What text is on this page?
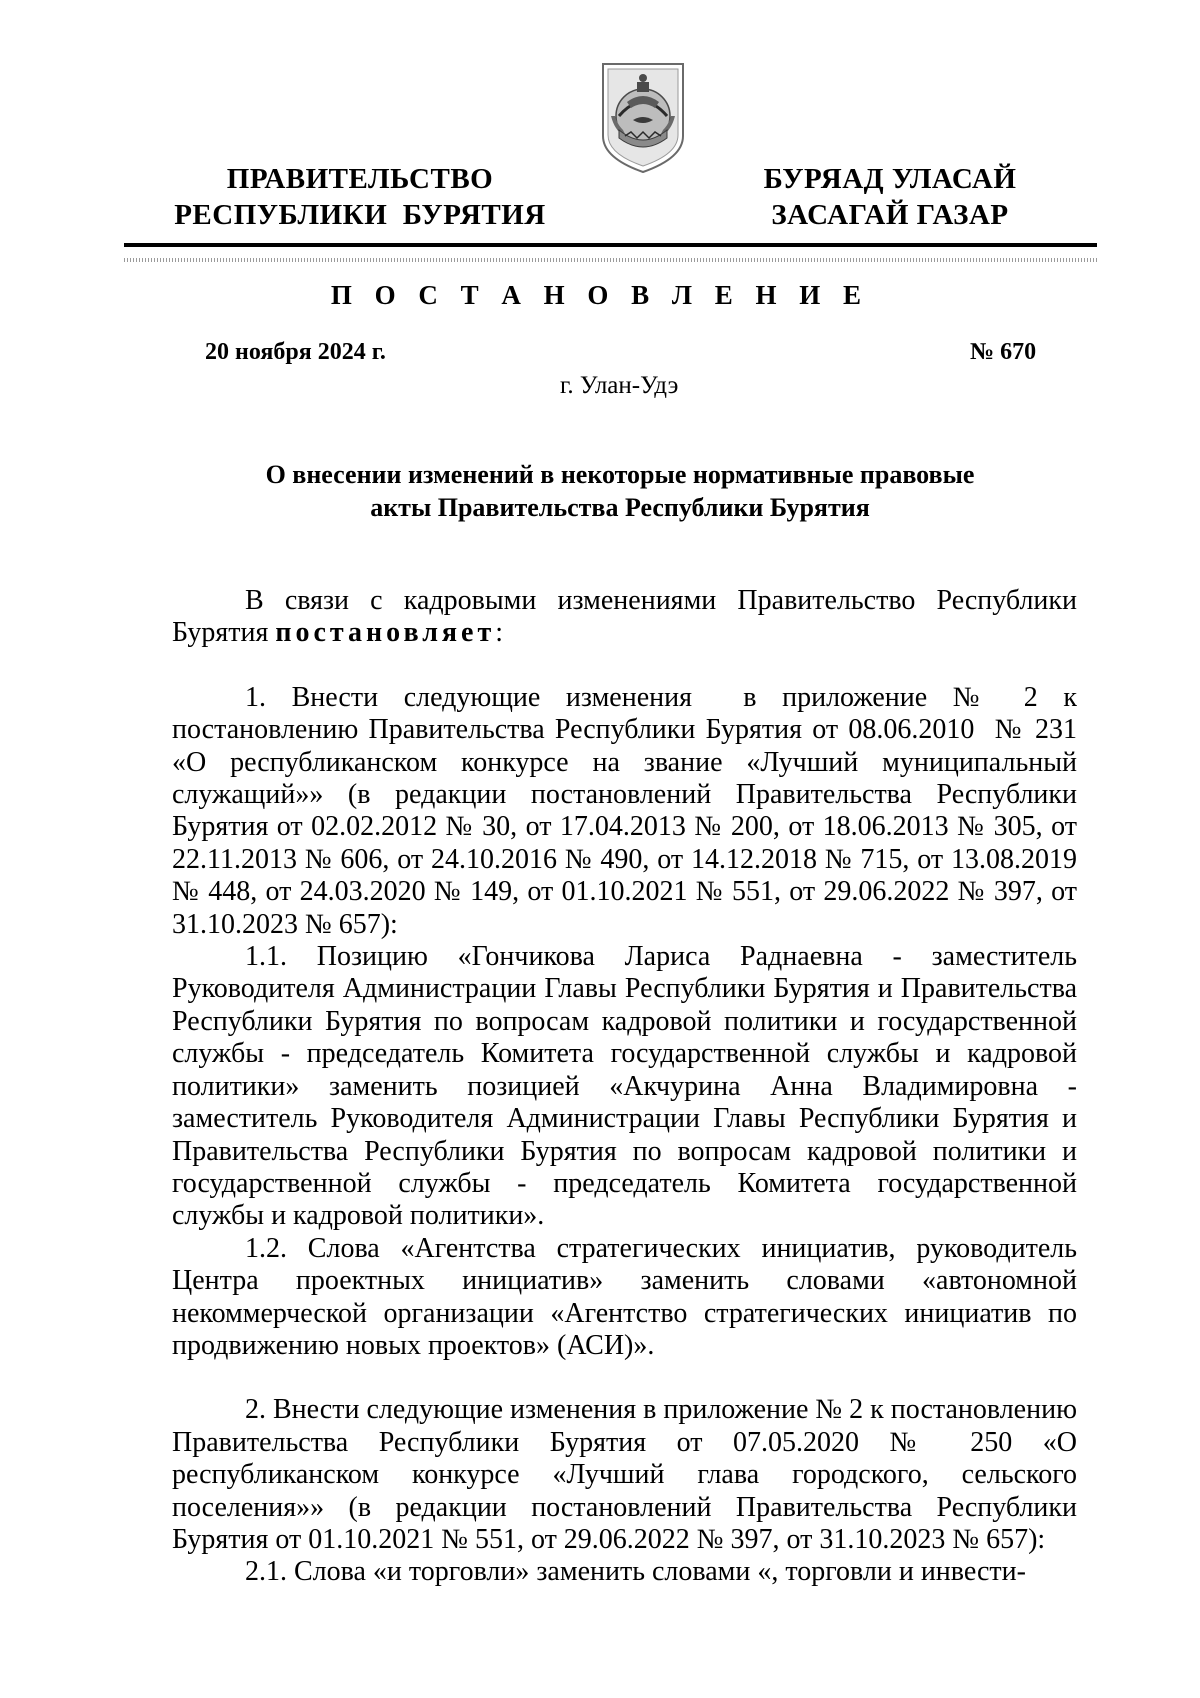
ПРАВИТЕЛЬСТВО
РЕСПУБЛИКИ  БУРЯТИЯ
БУРЯАД УЛАСАЙ
ЗАСАГАЙ ГАЗАР
П О С Т А Н О В Л Е Н И Е
20 ноября 2024 г.	№ 670
г. Улан-Удэ
О внесении изменений в некоторые нормативные правовые
акты Правительства Республики Бурятия

В связи с кадровыми изменениями Правительство Республики Бурятия постановляет:

1. Внести следующие изменения  в приложение № 2 к постановлению Правительства Республики Бурятия от 08.06.2010  № 231 «О республиканском конкурсе на звание «Лучший муниципальный служащий»» (в редакции постановлений Правительства Республики Бурятия от 02.02.2012 № 30, от 17.04.2013 № 200, от 18.06.2013 № 305, от 22.11.2013 № 606, от 24.10.2016 № 490, от 14.12.2018 № 715, от 13.08.2019 № 448, от 24.03.2020 № 149, от 01.10.2021 № 551, от 29.06.2022 № 397, от 31.10.2023 № 657):

1.1. Позицию «Гончикова Лариса Раднаевна - заместитель Руководителя Администрации Главы Республики Бурятия и Правительства Республики Бурятия по вопросам кадровой политики и государственной службы - председатель Комитета государственной службы и кадровой политики» заменить позицией «Акчурина Анна Владимировна - заместитель Руководителя Администрации Главы Республики Бурятия и Правительства Республики Бурятия по вопросам кадровой политики и государственной службы - председатель Комитета государственной службы и кадровой политики».

1.2. Слова «Агентства стратегических инициатив, руководитель Центра проектных инициатив» заменить словами «автономной некоммерческой организации «Агентство стратегических инициатив по продвижению новых проектов» (АСИ)».

2. Внести следующие изменения в приложение № 2 к постановлению Правительства Республики Бурятия от 07.05.2020 № 250 «О республиканском конкурсе «Лучший глава городского, сельского поселения»» (в редакции постановлений Правительства Республики Бурятия от 01.10.2021 № 551, от 29.06.2022 № 397, от 31.10.2023 № 657):

2.1. Слова «и торговли» заменить словами «, торговли и инвести-
